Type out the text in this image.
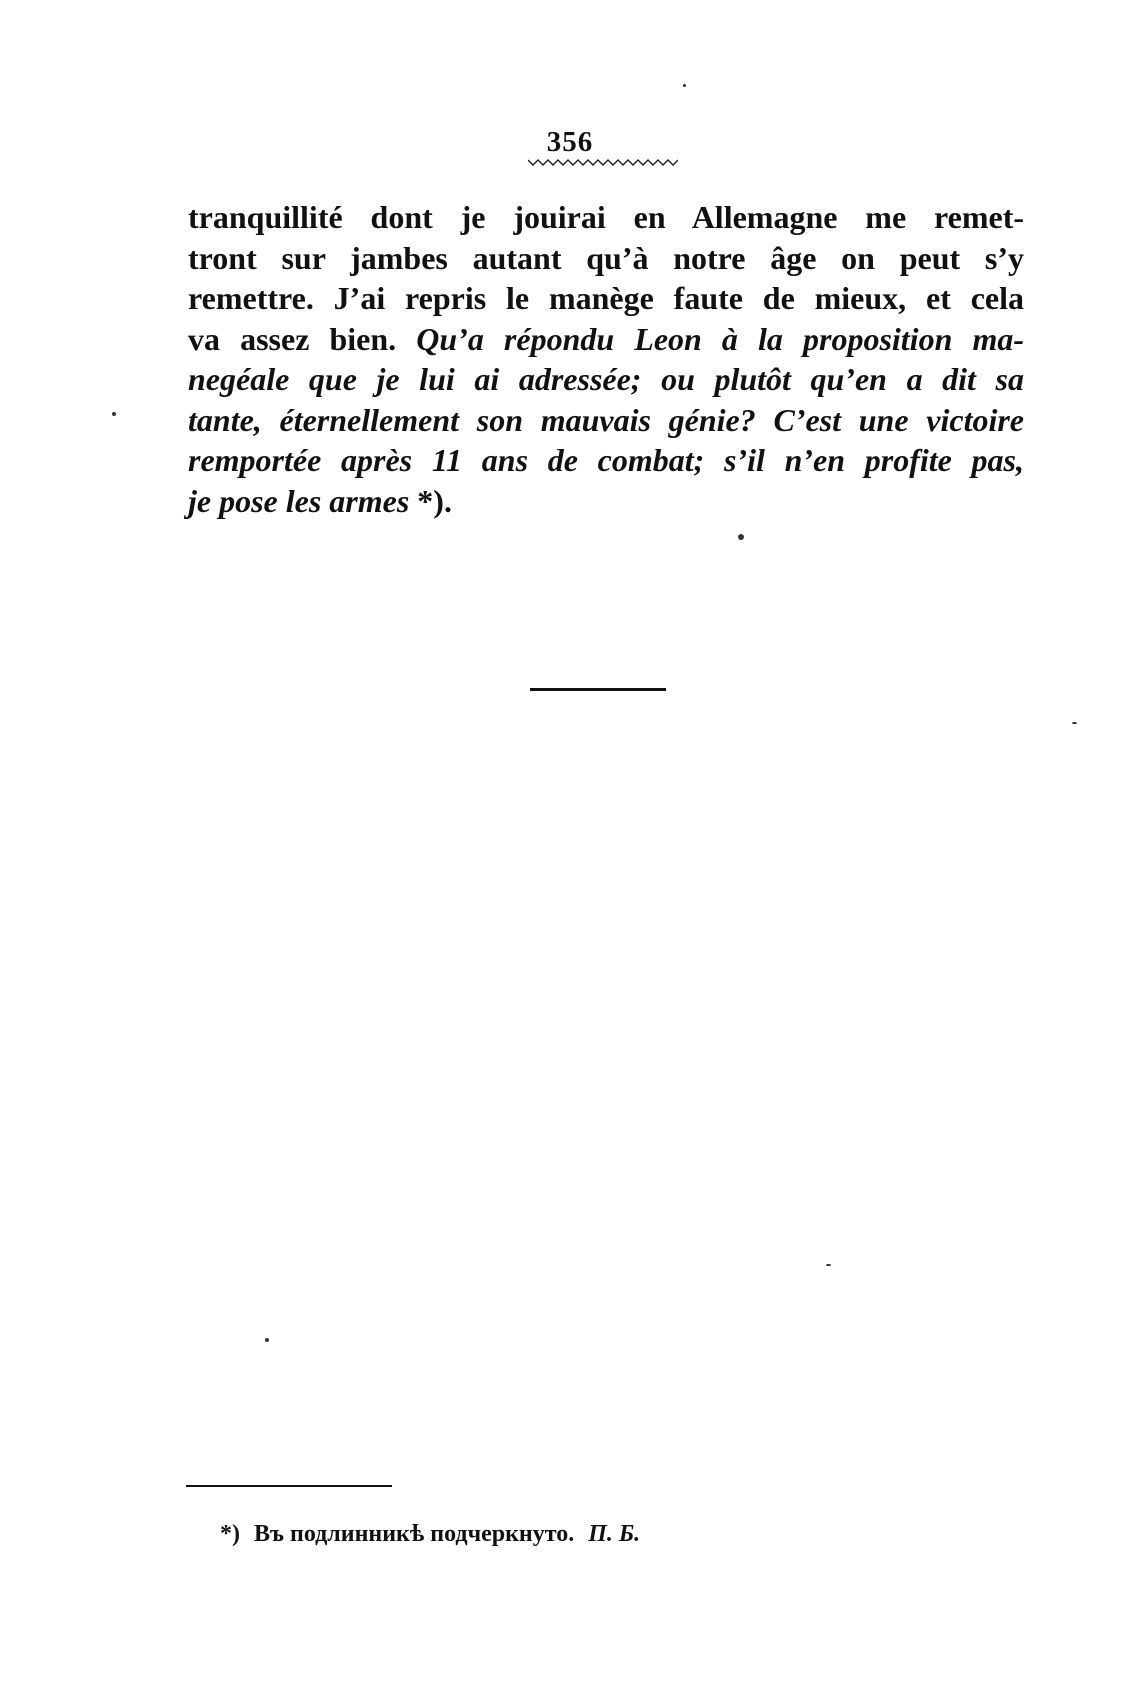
356
tranquillité dont je jouirai en Allemagne me remet-
tront sur jambes autant qu’à notre âge on peut s’y
remettre. J’ai repris le manège faute de mieux, et cela
va assez bien. Qu’a répondu Leon à la proposition ma-
negéale que je lui ai adressée; ou plutôt qu’en a dit sa
tante, éternellement son mauvais génie? C’est une victoire
remportée après 11 ans de combat; s’il n’en profite pas,
je pose les armes *).
*) Въ подлинникѣ подчеркнуто. П. Б.
